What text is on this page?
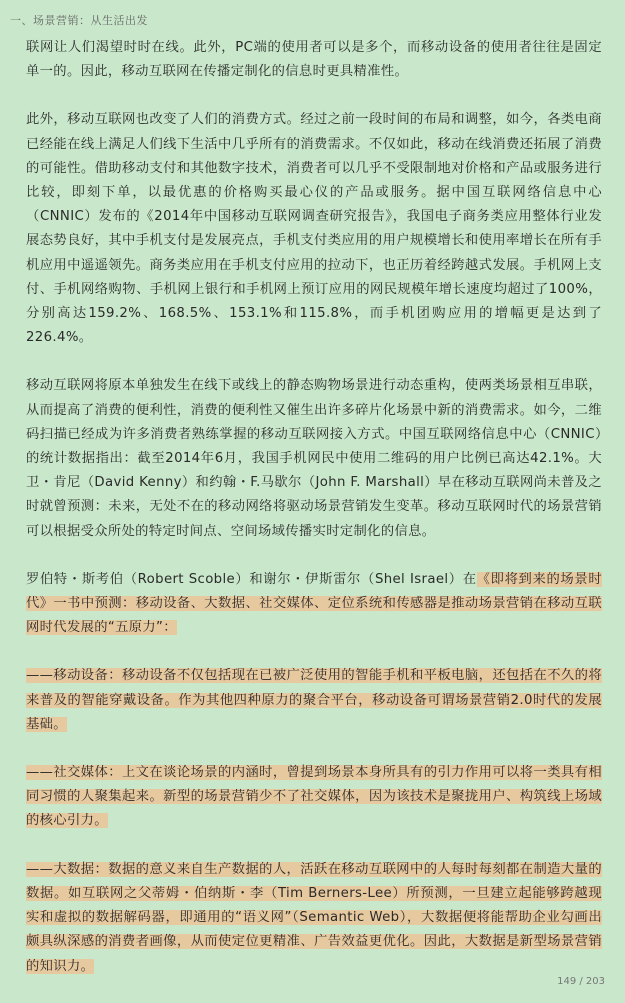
一、场景营销：从生活出发

联网让人们渴望时时在线。此外，PC端的使用者可以是多个，而移动设备的使用者往往是固定单一的。因此，移动互联网在传播定制化的信息时更具精准性。

此外，移动互联网也改变了人们的消费方式。经过之前一段时间的布局和调整，如今，各类电商已经能在线上满足人们线下生活中几乎所有的消费需求。不仅如此，移动在线消费还拓展了消费的可能性。借助移动支付和其他数字技术，消费者可以几乎不受限制地对价格和产品或服务进行比较，即刻下单，以最优惠的价格购买最心仪的产品或服务。据中国互联网络信息中心（CNNIC）发布的《2014年中国移动互联网调查研究报告》，我国电子商务类应用整体行业发展态势良好，其中手机支付是发展亮点，手机支付类应用的用户规模增长和使用率增长在所有手机应用中遥遥领先。商务类应用在手机支付应用的拉动下，也正历着经跨越式发展。手机网上支付、手机网络购物、手机网上银行和手机网上预订应用的网民规模年增长速度均超过了100%，分别高达159.2%、168.5%、153.1%和115.8%，而手机团购应用的增幅更是达到了226.4%。

移动互联网将原本单独发生在线下或线上的静态购物场景进行动态重构，使两类场景相互串联，从而提高了消费的便利性，消费的便利性又催生出许多碎片化场景中新的消费需求。如今，二维码扫描已经成为许多消费者熟练掌握的移动互联网接入方式。中国互联网络信息中心（CNNIC）的统计数据指出：截至2014年6月，我国手机网民中使用二维码的用户比例已高达42.1%。大卫・肯尼（David Kenny）和约翰・F.马歇尔（John F. Marshall）早在移动互联网尚未普及之时就曾预测：未来，无处不在的移动网络将驱动场景营销发生变革。移动互联网时代的场景营销可以根据受众所处的特定时间点、空间场域传播实时定制化的信息。

罗伯特・斯考伯（Robert Scoble）和谢尔・伊斯雷尔（Shel Israel）在《即将到来的场景时代》一书中预测：移动设备、大数据、社交媒体、定位系统和传感器是推动场景营销在移动互联网时代发展的“五原力”：

——移动设备：移动设备不仅包括现在已被广泛使用的智能手机和平板电脑，还包括在不久的将来普及的智能穿戴设备。作为其他四种原力的聚合平台，移动设备可谓场景营销2.0时代的发展基础。

——社交媒体：上文在谈论场景的内涵时，曾提到场景本身所具有的引力作用可以将一类具有相同习惯的人聚集起来。新型的场景营销少不了社交媒体，因为该技术是聚拢用户、构筑线上场域的核心引力。

——大数据：数据的意义来自生产数据的人，活跃在移动互联网中的人每时每刻都在制造大量的数据。如互联网之父蒂姆・伯纳斯・李（Tim Berners-Lee）所预测，一旦建立起能够跨越现实和虚拟的数据解码器，即通用的“语义网”（Semantic Web），大数据便将能帮助企业勾画出颇具纵深感的消费者画像，从而使定位更精准、广告效益更优化。因此，大数据是新型场景营销的知识力。

149 / 203
